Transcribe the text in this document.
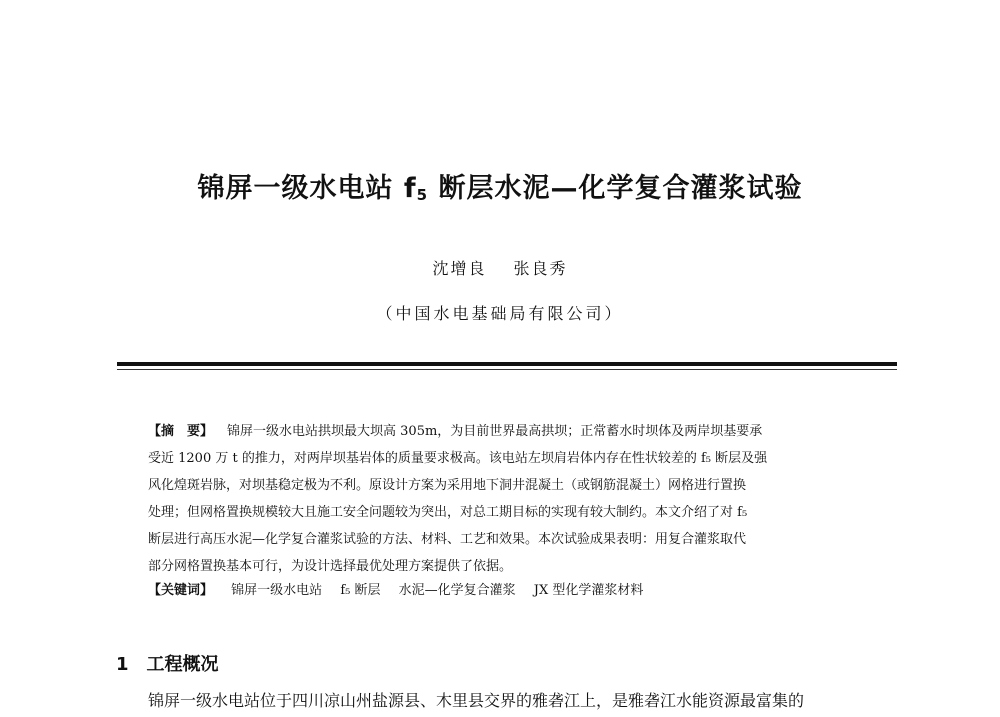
锦屏一级水电站 $f_5$ 断层水泥—化学复合灌浆试验
沈增良 张良秀
（中国水电基础局有限公司）
【摘　要】 锦屏一级水电站拱坝最大坝高 305m，为目前世界最高拱坝；正常蓄水时坝体及两岸坝基要承
受近 1200 万 t 的推力，对两岸坝基岩体的质量要求极高。该电站左坝肩岩体内存在性状较差的 f₅ 断层及强
风化煌斑岩脉，对坝基稳定极为不利。原设计方案为采用地下洞井混凝土（或钢筋混凝土）网格进行置换
处理；但网格置换规模较大且施工安全问题较为突出，对总工期目标的实现有较大制约。本文介绍了对 f₅
断层进行高压水泥—化学复合灌浆试验的方法、材料、工艺和效果。本次试验成果表明：用复合灌浆取代
部分网格置换基本可行，为设计选择最优处理方案提供了依据。
【关键词】 锦屏一级水电站 f₅ 断层 水泥—化学复合灌浆 JX 型化学灌浆材料
1 工程概况
锦屏一级水电站位于四川凉山州盐源县、木里县交界的雅砻江上，是雅砻江水能资源最富集的
